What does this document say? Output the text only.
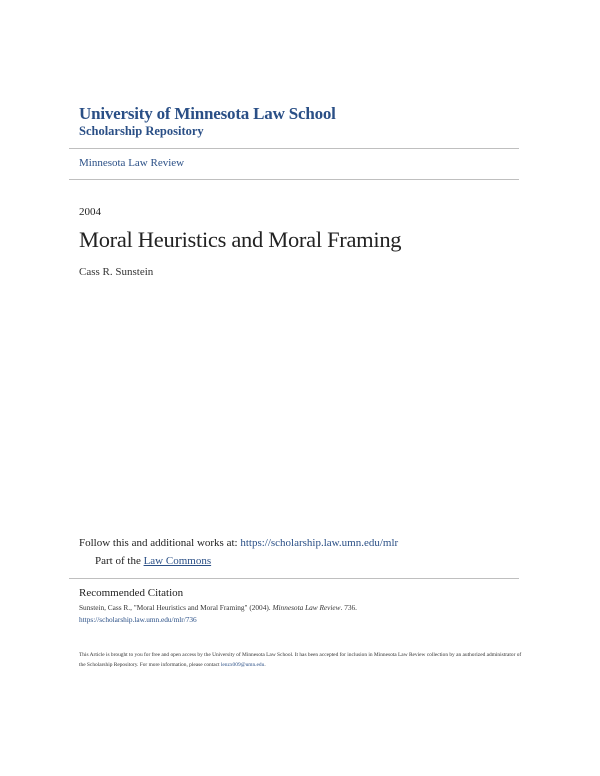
University of Minnesota Law School
Scholarship Repository
Minnesota Law Review
2004
Moral Heuristics and Moral Framing
Cass R. Sunstein
Follow this and additional works at: https://scholarship.law.umn.edu/mlr
Part of the Law Commons
Recommended Citation
Sunstein, Cass R., "Moral Heuristics and Moral Framing" (2004). Minnesota Law Review. 736.
https://scholarship.law.umn.edu/mlr/736
This Article is brought to you for free and open access by the University of Minnesota Law School. It has been accepted for inclusion in Minnesota Law Review collection by an authorized administrator of the Scholarship Repository. For more information, please contact lenzx009@umn.edu.
